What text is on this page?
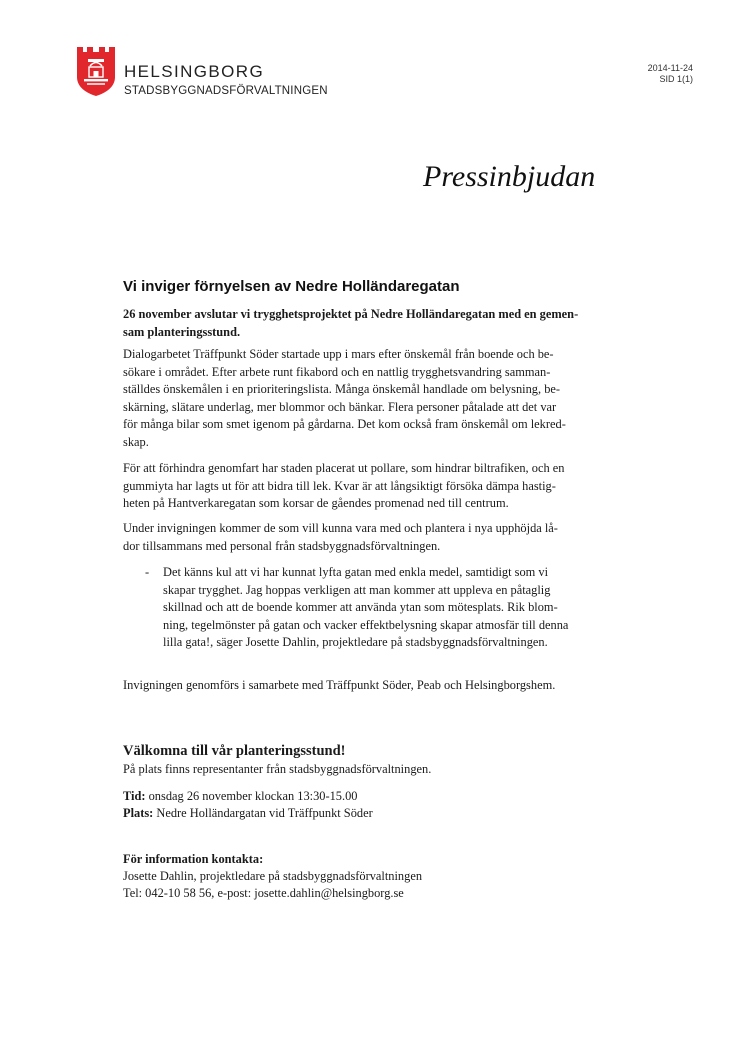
HELSINGBORG
STADSBYGGNADSFÖRVALTNINGEN
2014-11-24
SID 1(1)
Pressinbjudan
Vi inviger förnyelsen av Nedre Holländaregatan
26 november avslutar vi trygghetsprojektet på Nedre Holländaregatan med en gemen-
sam planteringsstund.
Dialogarbetet Träffpunkt Söder startade upp i mars efter önskemål från boende och be-
sökare i området. Efter arbete runt fikabord och en nattlig trygghetsvandring samman-
ställdes önskemålen i en prioriteringslista. Många önskemål handlade om belysning, be-
skärning, slätare underlag, mer blommor och bänkar. Flera personer påtalade att det var
för många bilar som smet igenom på gårdarna. Det kom också fram önskemål om lekred-
skap.
För att förhindra genomfart har staden placerat ut pollare, som hindrar biltrafiken, och en
gummiyta har lagts ut för att bidra till lek. Kvar är att långsiktigt försöka dämpa hastig-
heten på Hantverkaregatan som korsar de gåendes promenad ned till centrum.
Under invigningen kommer de som vill kunna vara med och plantera i nya upphöjda lå-
dor tillsammans med personal från stadsbyggnadsförvaltningen.
- Det känns kul att vi har kunnat lyfta gatan med enkla medel, samtidigt som vi
skapar trygghet. Jag hoppas verkligen att man kommer att uppleva en påtaglig
skillnad och att de boende kommer att använda ytan som mötesplats. Rik blom-
ning, tegelmönster på gatan och vacker effektbelysning skapar atmosfär till denna
lilla gata!, säger Josette Dahlin, projektledare på stadsbyggnadsförvaltningen.
Invigningen genomförs i samarbete med Träffpunkt Söder, Peab och Helsingborgshem.
Välkomna till vår planteringsstund!
På plats finns representanter från stadsbyggnadsförvaltningen.
Tid: onsdag 26 november klockan 13:30-15.00
Plats: Nedre Holländargatan vid Träffpunkt Söder
För information kontakta:
Josette Dahlin, projektledare på stadsbyggnadsförvaltningen
Tel: 042-10 58 56, e-post: josette.dahlin@helsingborg.se
